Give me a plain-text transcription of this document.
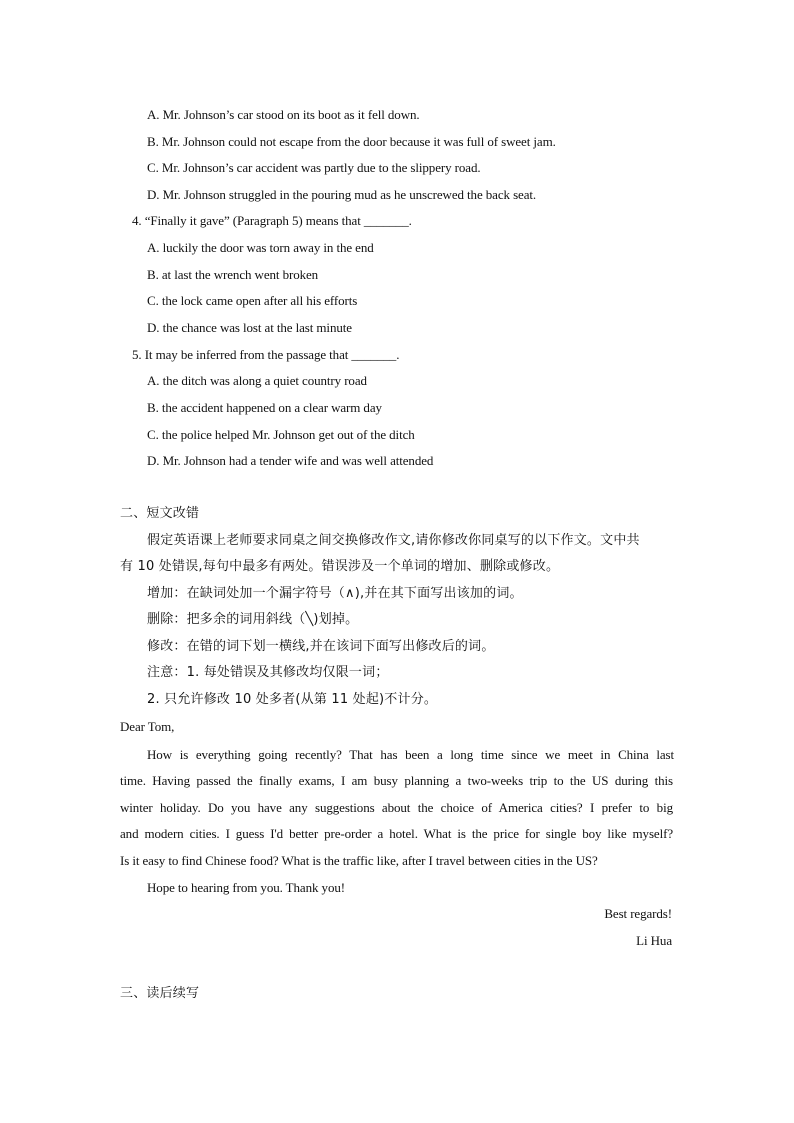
A. Mr. Johnson’s car stood on its boot as it fell down.
B. Mr. Johnson could not escape from the door because it was full of sweet jam.
C. Mr. Johnson’s car accident was partly due to the slippery road.
D. Mr. Johnson struggled in the pouring mud as he unscrewed the back seat.
4. “Finally it gave” (Paragraph 5) means that _______.
A. luckily the door was torn away in the end
B. at last the wrench went broken
C. the lock came open after all his efforts
D. the chance was lost at the last minute
5. It may be inferred from the passage that _______.
A. the ditch was along a quiet country road
B. the accident happened on a clear warm day
C. the police helped Mr. Johnson get out of the ditch
D. Mr. Johnson had a tender wife and was well attended
二、短文改错
假定英语课上老师要求同桌之间交换修改作文,请你修改你同桌写的以下作文。文中共
有 10 处错误,每句中最多有两处。错误涉及一个单词的增加、删除或修改。
增加：在缺词处加一个漏字符号（∧),并在其下面写出该加的词。
删除：把多余的词用斜线（╲)划掉。
修改：在错的词下划一横线,并在该词下面写出修改后的词。
注意：1. 每处错误及其修改均仅限一词；
2. 只允许修改 10 处多者(从第 11 处起)不计分。
Dear Tom,
How is everything going recently? That has been a long time since we meet in China last
time. Having passed the finally exams, I am busy planning a two-weeks trip to the US during this
winter holiday. Do you have any suggestions about the choice of America cities? I prefer to big
and modern cities. I guess I'd better pre-order a hotel. What is the price for single boy like myself?
Is it easy to find Chinese food? What is the traffic like, after I travel between cities in the US?
Hope to hearing from you. Thank you!
Best regards!
Li Hua
三、读后续写
